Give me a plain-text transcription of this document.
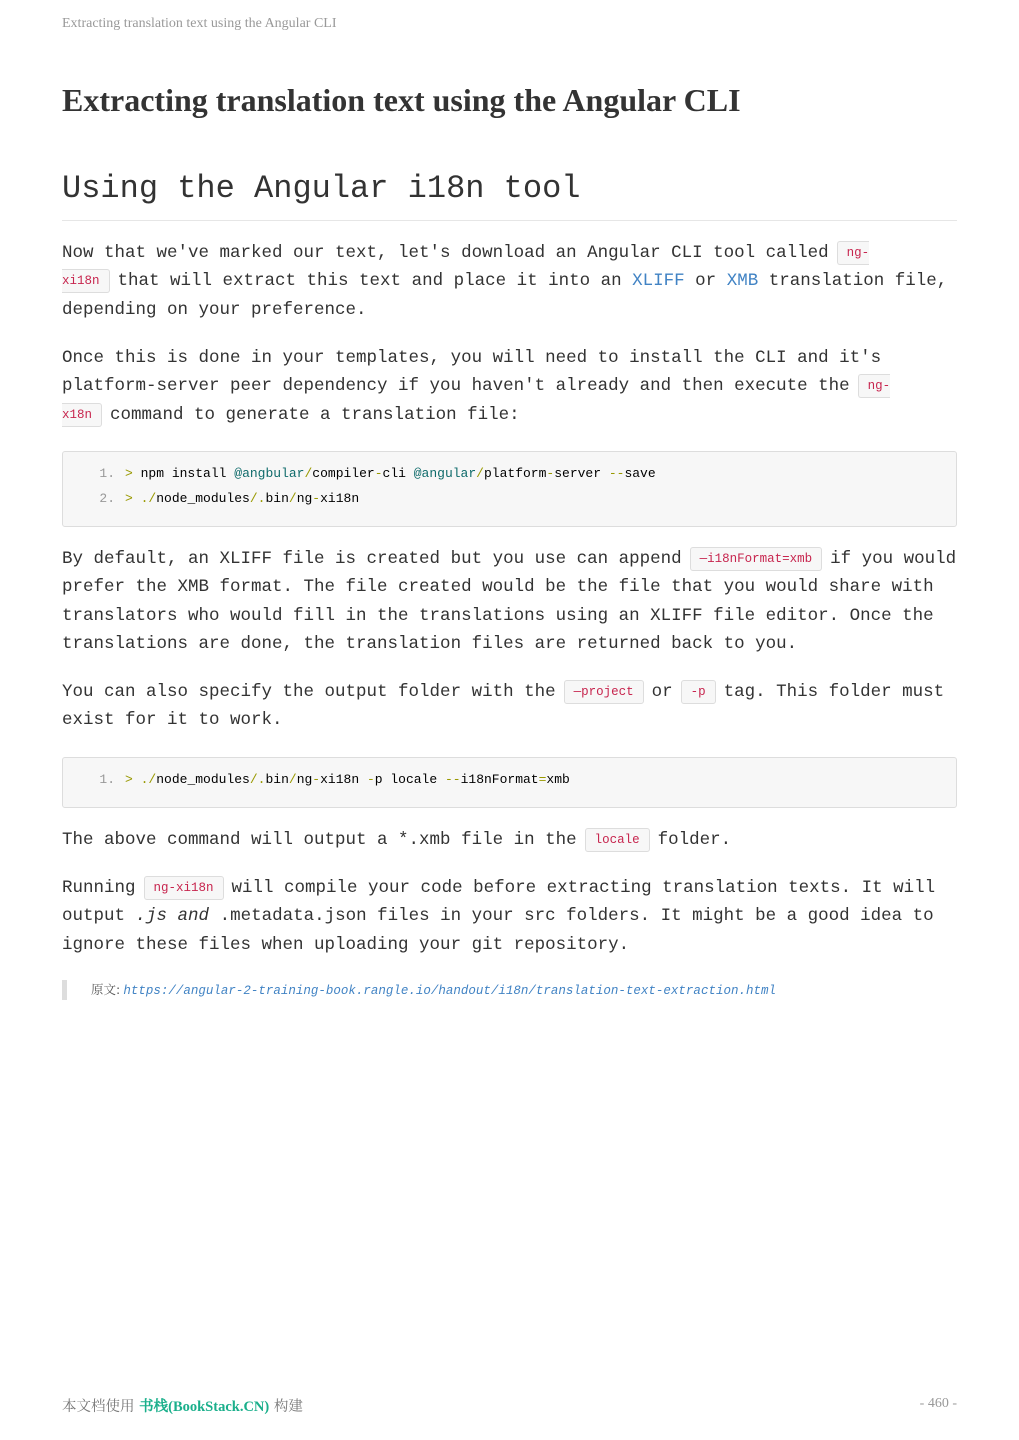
Extracting translation text using the Angular CLI
Extracting translation text using the Angular CLI
Using the Angular i18n tool

Now that we've marked our text, let's download an Angular CLI tool called ng-xi18n that will extract this text and place it into an XLIFF or XMB translation file, depending on your preference.

Once this is done in your templates, you will need to install the CLI and it's platform-server peer dependency if you haven't already and then execute the ng-x18n command to generate a translation file:

1. > npm install @angbular/compiler-cli @angular/platform-server --save
2. > ./node_modules/.bin/ng-xi18n

By default, an XLIFF file is created but you use can append —i18nFormat=xmb if you would prefer the XMB format. The file created would be the file that you would share with translators who would fill in the translations using an XLIFF file editor. Once the translations are done, the translation files are returned back to you.

You can also specify the output folder with the —project or -p tag. This folder must exist for it to work.

1. > ./node_modules/.bin/ng-xi18n -p locale --i18nFormat=xmb

The above command will output a *.xmb file in the locale folder.

Running ng-xi18n will compile your code before extracting translation texts. It will output .js and .metadata.json files in your src folders. It might be a good idea to ignore these files when uploading your git repository.

原文: https://angular-2-training-book.rangle.io/handout/i18n/translation-text-extraction.html
本文档使用 书栈(BookStack.CN) 构建	- 460 -
